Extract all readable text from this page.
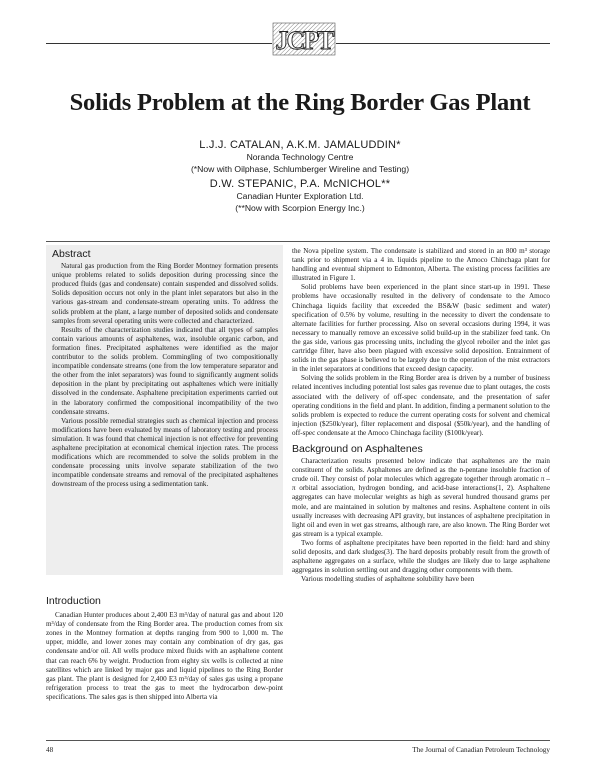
JCPT
Solids Problem at the Ring Border Gas Plant
Abstract

Natural gas production from the Ring Border Montney formation presents unique problems related to solids deposition during processing since the produced fluids (gas and condensate) contain suspended and dissolved solids. Solids deposition occurs not only in the plant inlet separators but also in the various gas-stream and condensate-stream operating units. To address the solids problem at the plant, a large number of deposited solids and condensate samples from several operating units were collected and characterized.

Results of the characterization studies indicated that all types of samples contain various amounts of asphaltenes, wax, insoluble organic carbon, and formation fines. Precipitated asphaltenes were identified as the major contributor to the solids problem. Commingling of two compositionally incompatible condensate streams (one from the low temperature separator and the other from the inlet separators) was found to significantly augment solids deposition in the plant by precipitating out asphaltenes which were initially dissolved in the condensate. Asphaltene precipitation experiments carried out in the laboratory confirmed the compositional incompatibility of the two condensate streams.

Various possible remedial strategies such as chemical injection and process modifications have been evaluated by means of laboratory testing and process simulation. It was found that chemical injection is not effective for preventing asphaltene precipitation at economical chemical injection rates. The process modifications which are recommended to solve the solids problem in the condensate processing units involve separate stabilization of the two incompatible condensate streams and removal of the precipitated asphaltenes downstream of the process using a sedimentation tank.

Introduction

Canadian Hunter produces about 2,400 E3 m³/day of natural gas and about 120 m³/day of condensate from the Ring Border area. The production comes from six zones in the Montney formation at depths ranging from 900 to 1,000 m. The upper, middle, and lower zones may contain any combination of dry gas, gas condensate and/or oil. All wells produce mixed fluids with an asphaltene content that can reach 6% by weight. Production from eighty six wells is collected at nine satellites which are linked by major gas and liquid pipelines to the Ring Border gas plant. The plant is designed for 2,400 E3 m³/day of sales gas using a propane refrigeration process to treat the gas to meet the hydrocarbon dew-point specifications. The sales gas is then shipped into Alberta via

the Nova pipeline system. The condensate is stabilized and stored in an 800 m³ storage tank prior to shipment via a 4 in. liquids pipeline to the Amoco Chinchaga plant for handling and eventual shipment to Edmonton, Alberta. The existing process facilities are illustrated in Figure 1.

Solid problems have been experienced in the plant since start-up in 1991. These problems have occasionally resulted in the delivery of condensate to the Amoco Chinchaga liquids facility that exceeded the BS&W (basic sediment and water) specification of 0.5% by volume, resulting in the necessity to divert the condensate to alternate facilities for further processing. Also on several occasions during 1994, it was necessary to manually remove an excessive solid build-up in the stabilizer feed tank. On the gas side, various gas processing units, including the glycol reboiler and the inlet gas cartridge filter, have also been plagued with excessive solid deposition. Entrainment of solids in the gas phase is believed to be largely due to the operation of the mist extractors in the inlet separators at conditions that exceed design capacity.

Solving the solids problem in the Ring Border area is driven by a number of business related incentives including potential lost sales gas revenue due to plant outages, the costs associated with the delivery of off-spec condensate, and the presentation of safer operating conditions in the field and plant. In addition, finding a permanent solution to the solids problem is expected to reduce the current operating costs for solvent and chemical injection ($250k/year), filter replacement and disposal ($50k/year), and the handling of off-spec condensate at the Amoco Chinchaga facility ($100k/year).

Background on Asphaltenes

Characterization results presented below indicate that asphaltenes are the main constituent of the solids. Asphaltenes are defined as the n-pentane insoluble fraction of crude oil. They consist of polar molecules which aggregate together through aromatic π – π orbital association, hydrogen bonding, and acid-base interactions(1, 2). Asphaltene aggregates can have molecular weights as high as several hundred thousand grams per mole, and are maintained in solution by maltenes and resins. Asphaltene content in oils usually increases with decreasing API gravity, but instances of asphaltene precipitation in light oil and even in wet gas streams, although rare, are also known. The Ring Border wet gas stream is a typical example.

Two forms of asphaltene precipitates have been reported in the field: hard and shiny solid deposits, and dark sludges(3). The hard deposits probably result from the growth of asphaltene aggregates on a surface, while the sludges are likely due to large asphaltene aggregates in solution settling out and dragging other components with them.

Various modelling studies of asphaltene solubility have been

48	The Journal of Canadian Petroleum Technology
L.J.J. CATALAN, A.K.M. JAMALUDDIN*
Noranda Technology Centre
(*Now with Oilphase, Schlumberger Wireline and Testing)
D.W. STEPANIC, P.A. McNICHOL**
Canadian Hunter Exploration Ltd.
(**Now with Scorpion Energy Inc.)
